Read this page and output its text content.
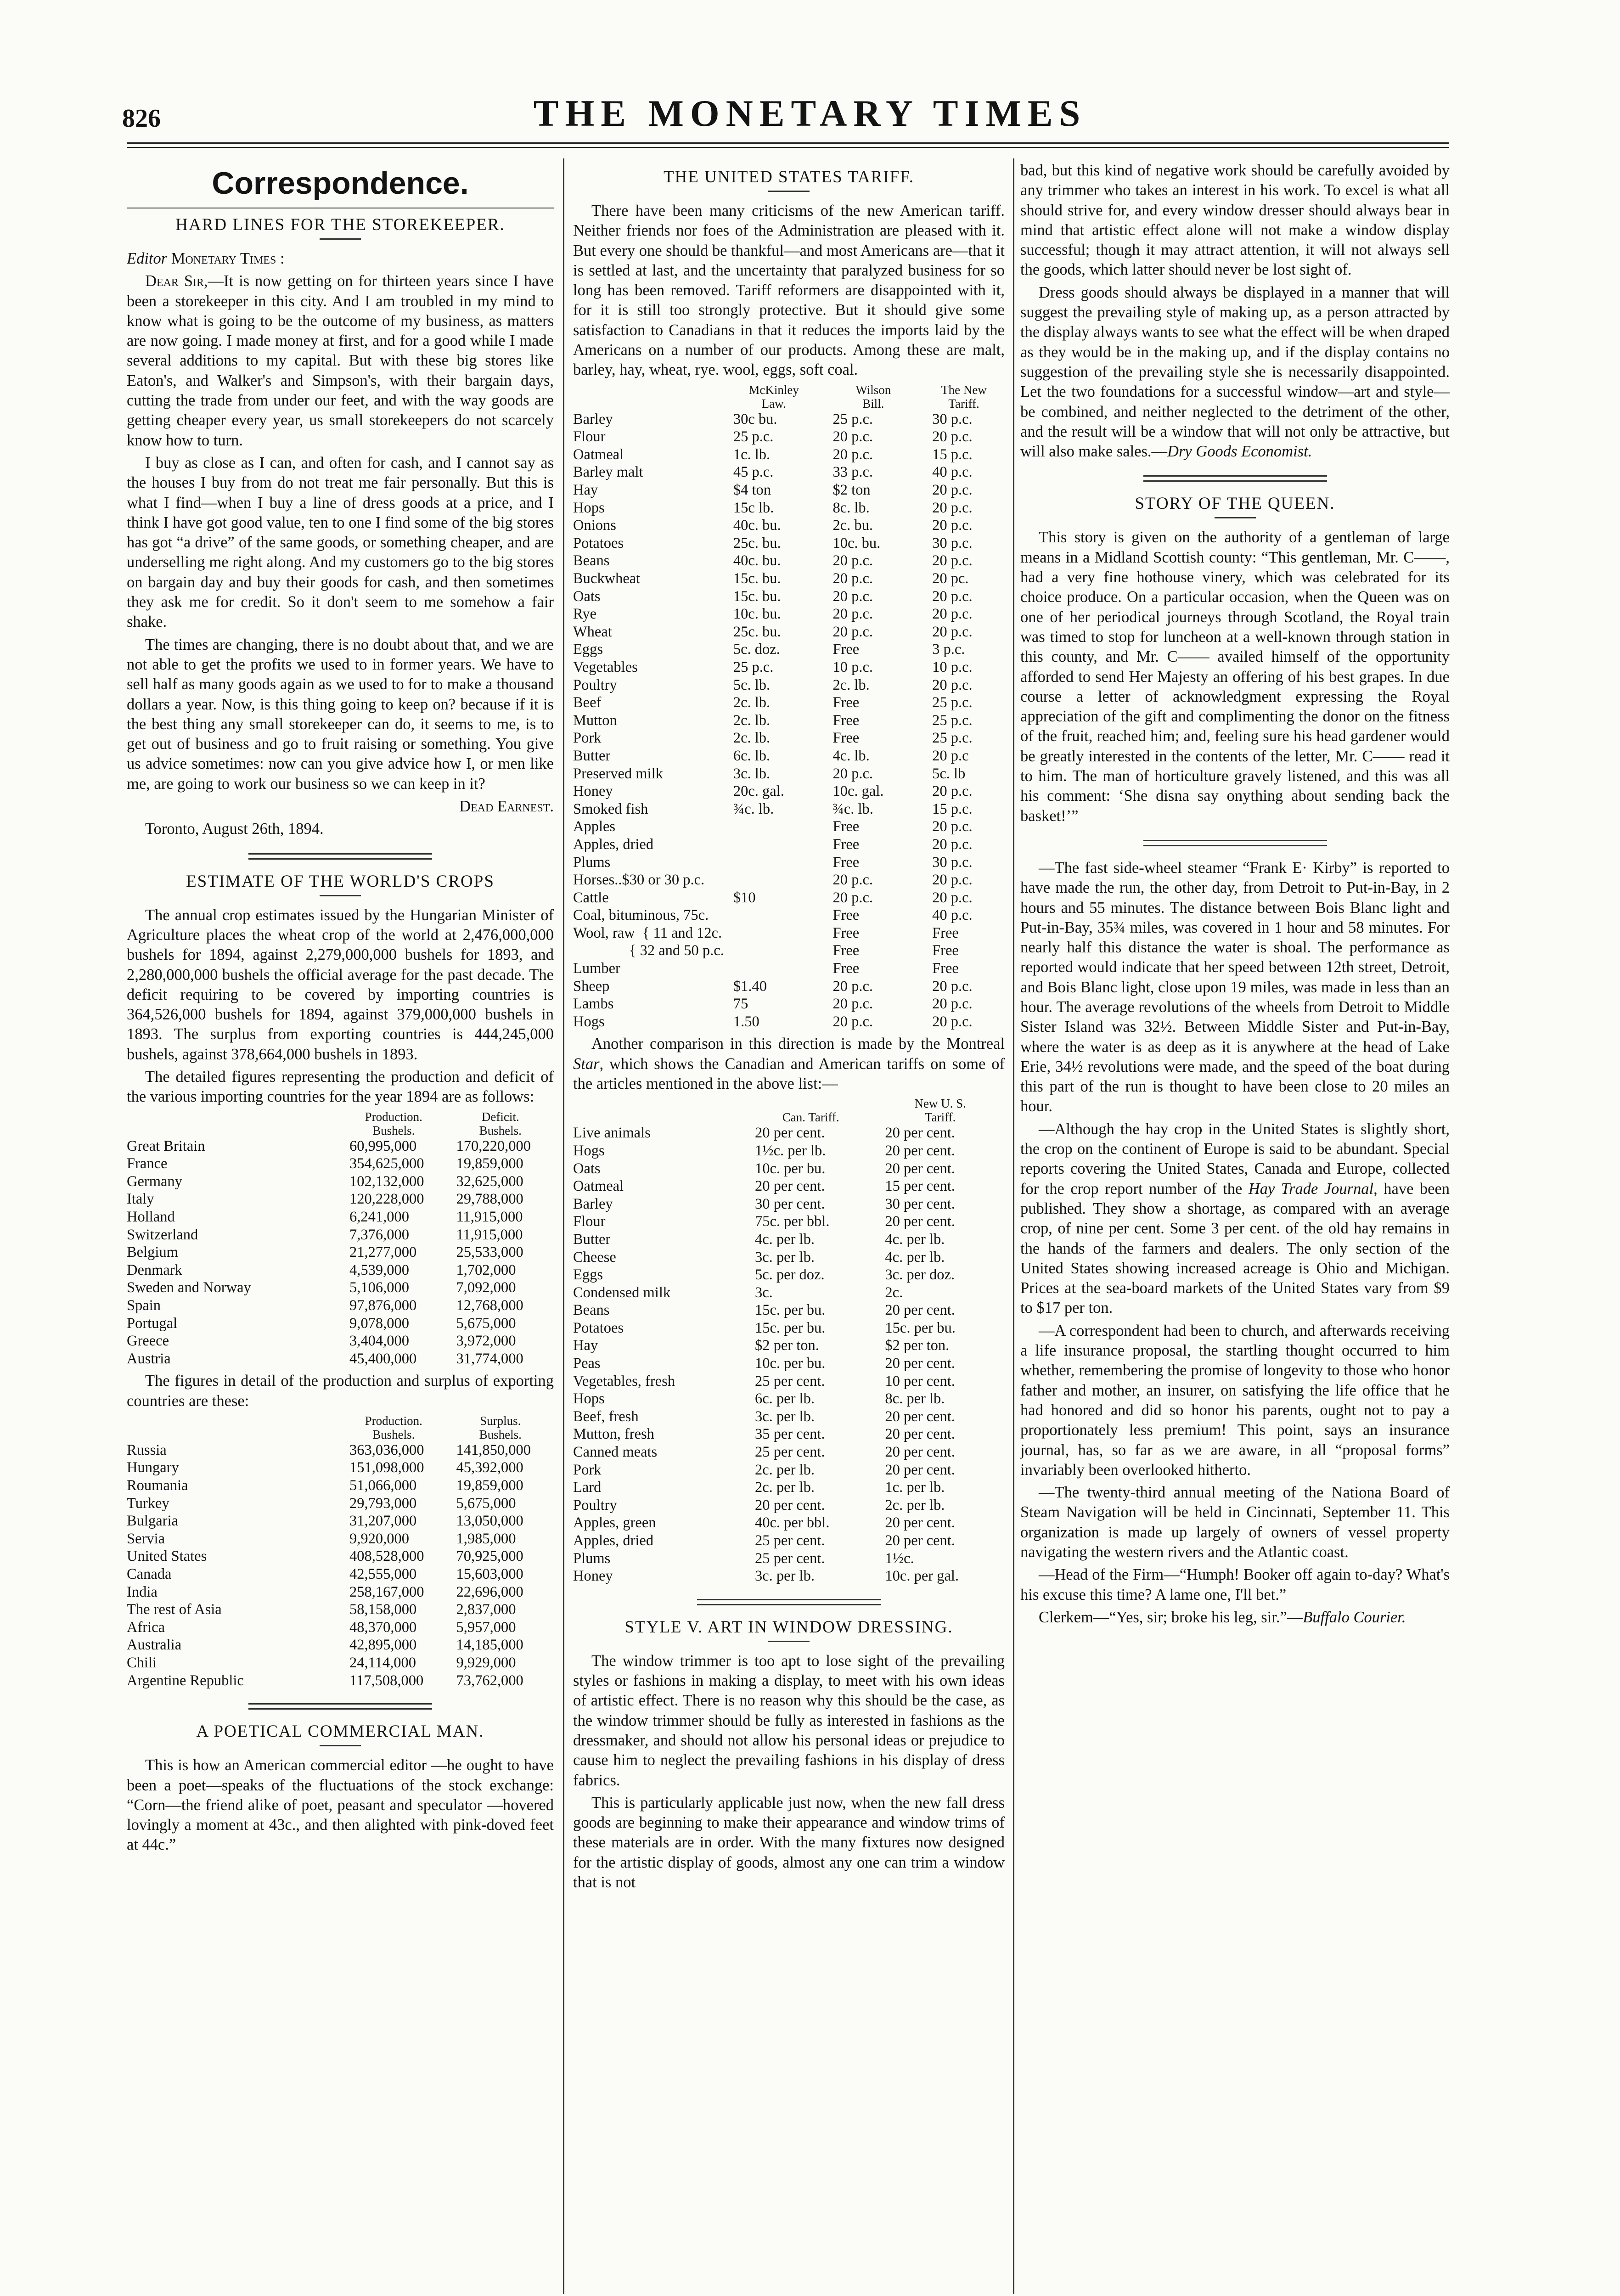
826	THE MONETARY TIMES
Correspondence.
HARD LINES FOR THE STOREKEEPER.

Editor Monetary Times :

Dear Sir,—It is now getting on for thirteen years since I have been a storekeeper in this city. And I am troubled in my mind to know what is going to be the outcome of my business, as matters are now going. I made money at first, and for a good while I made several additions to my capital. But with these big stores like Eaton's, and Walker's and Simpson's, with their bargain days, cutting the trade from under our feet, and with the way goods are getting cheaper every year, us small storekeepers do not scarcely know how to turn.

I buy as close as I can, and often for cash, and I cannot say as the houses I buy from do not treat me fair personally. But this is what I find—when I buy a line of dress goods at a price, and I think I have got good value, ten to one I find some of the big stores has got “a drive” of the same goods, or something cheaper, and are underselling me right along. And my customers go to the big stores on bargain day and buy their goods for cash, and then sometimes they ask me for credit. So it don't seem to me somehow a fair shake.

The times are changing, there is no doubt about that, and we are not able to get the profits we used to in former years. We have to sell half as many goods again as we used to for to make a thousand dollars a year. Now, is this thing going to keep on? because if it is the best thing any small storekeeper can do, it seems to me, is to get out of business and go to fruit raising or something. You give us advice sometimes: now can you give advice how I, or men like me, are going to work our business so we can keep in it?

Dead Earnest.

Toronto, August 26th, 1894.

ESTIMATE OF THE WORLD'S CROPS

The annual crop estimates issued by the Hungarian Minister of Agriculture places the wheat crop of the world at 2,476,000,000 bushels for 1894, against 2,279,000,000 bushels for 1893, and 2,280,000,000 bushels the official average for the past decade. The deficit requiring to be covered by importing countries is 364,526,000 bushels for 1894, against 379,000,000 bushels in 1893. The surplus from exporting countries is 444,245,000 bushels, against 378,664,000 bushels in 1893.

The detailed figures representing the production and deficit of the various importing countries for the year 1894 are as follows:

	Production.
Bushels.	Deficit.
Bushels.
Great Britain	60,995,000	170,220,000
France	354,625,000	19,859,000
Germany	102,132,000	32,625,000
Italy	120,228,000	29,788,000
Holland	6,241,000	11,915,000
Switzerland	7,376,000	11,915,000
Belgium	21,277,000	25,533,000
Denmark	4,539,000	1,702,000
Sweden and Norway	5,106,000	7,092,000
Spain	97,876,000	12,768,000
Portugal	9,078,000	5,675,000
Greece	3,404,000	3,972,000
Austria	45,400,000	31,774,000

The figures in detail of the production and surplus of exporting countries are these:

	Production.
Bushels.	Surplus.
Bushels.
Russia	363,036,000	141,850,000
Hungary	151,098,000	45,392,000
Roumania	51,066,000	19,859,000
Turkey	29,793,000	5,675,000
Bulgaria	31,207,000	13,050,000
Servia	9,920,000	1,985,000
United States	408,528,000	70,925,000
Canada	42,555,000	15,603,000
India	258,167,000	22,696,000
The rest of Asia	58,158,000	2,837,000
Africa	48,370,000	5,957,000
Australia	42,895,000	14,185,000
Chili	24,114,000	9,929,000
Argentine Republic	117,508,000	73,762,000
A POETICAL COMMERCIAL MAN.

This is how an American commercial editor —he ought to have been a poet—speaks of the fluctuations of the stock exchange: “Corn—the friend alike of poet, peasant and speculator —hovered lovingly a moment at 43c., and then alighted with pink-doved feet at 44c.”

THE UNITED STATES TARIFF.

There have been many criticisms of the new American tariff. Neither friends nor foes of the Administration are pleased with it. But every one should be thankful—and most Americans are—that it is settled at last, and the uncertainty that paralyzed business for so long has been removed. Tariff reformers are disappointed with it, for it is still too strongly protective. But it should give some satisfaction to Canadians in that it reduces the imports laid by the Americans on a number of our products. Among these are malt, barley, hay, wheat, rye. wool, eggs, soft coal.

	McKinley
Law.	Wilson
Bill.	The New
Tariff.
Barley	30c bu.	25 p.c.	30 p.c.
Flour	25 p.c.	20 p.c.	20 p.c.
Oatmeal	1c. lb.	20 p.c.	15 p.c.
Barley malt	45 p.c.	33 p.c.	40 p.c.
Hay	$4 ton	$2 ton	20 p.c.
Hops	15c lb.	8c. lb.	20 p.c.
Onions	40c. bu.	2c. bu.	20 p.c.
Potatoes	25c. bu.	10c. bu.	30 p.c.
Beans	40c. bu.	20 p.c.	20 p.c.
Buckwheat	15c. bu.	20 p.c.	20 pc.
Oats	15c. bu.	20 p.c.	20 p.c.
Rye	10c. bu.	20 p.c.	20 p.c.
Wheat	25c. bu.	20 p.c.	20 p.c.
Eggs	5c. doz.	Free	3 p.c.
Vegetables	25 p.c.	10 p.c.	10 p.c.
Poultry	5c. lb.	2c. lb.	20 p.c.
Beef	2c. lb.	Free	25 p.c.
Mutton	2c. lb.	Free	25 p.c.
Pork	2c. lb.	Free	25 p.c.
Butter	6c. lb.	4c. lb.	20 p.c
Preserved milk	3c. lb.	20 p.c.	5c. lb
Honey	20c. gal.	10c. gal.	20 p.c.
Smoked fish	¾c. lb.	¾c. lb.	15 p.c.
Apples		Free	20 p.c.
Apples, dried		Free	20 p.c.
Plums		Free	30 p.c.
Horses..$30 or 30 p.c.		20 p.c.	20 p.c.
Cattle	$10	20 p.c.	20 p.c.
Coal, bituminous, 75c.		Free	40 p.c.
Wool, raw  { 11 and 12c.		Free	Free
{ 32 and 50 p.c.		Free	Free
Lumber		Free	Free
Sheep	$1.40	20 p.c.	20 p.c.
Lambs	75	20 p.c.	20 p.c.
Hogs	1.50	20 p.c.	20 p.c.

Another comparison in this direction is made by the Montreal Star, which shows the Canadian and American tariffs on some of the articles mentioned in the above list:—

	Can. Tariff.	New U. S.
Tariff.
Live animals	20 per cent.	20 per cent.
Hogs	1½c. per lb.	20 per cent.
Oats	10c. per bu.	20 per cent.
Oatmeal	20 per cent.	15 per cent.
Barley	30 per cent.	30 per cent.
Flour	75c. per bbl.	20 per cent.
Butter	4c. per lb.	4c. per lb.
Cheese	3c. per lb.	4c. per lb.
Eggs	5c. per doz.	3c. per doz.
Condensed milk	3c.	2c.
Beans	15c. per bu.	20 per cent.
Potatoes	15c. per bu.	15c. per bu.
Hay	$2 per ton.	$2 per ton.
Peas	10c. per bu.	20 per cent.
Vegetables, fresh	25 per cent.	10 per cent.
Hops	6c. per lb.	8c. per lb.
Beef, fresh	3c. per lb.	20 per cent.
Mutton, fresh	35 per cent.	20 per cent.
Canned meats	25 per cent.	20 per cent.
Pork	2c. per lb.	20 per cent.
Lard	2c. per lb.	1c. per lb.
Poultry	20 per cent.	2c. per lb.
Apples, green	40c. per bbl.	20 per cent.
Apples, dried	25 per cent.	20 per cent.
Plums	25 per cent.	1½c.
Honey	3c. per lb.	10c. per gal.
STYLE V. ART IN WINDOW DRESSING.

The window trimmer is too apt to lose sight of the prevailing styles or fashions in making a display, to meet with his own ideas of artistic effect. There is no reason why this should be the case, as the window trimmer should be fully as interested in fashions as the dressmaker, and should not allow his personal ideas or prejudice to cause him to neglect the prevailing fashions in his display of dress fabrics.

This is particularly applicable just now, when the new fall dress goods are beginning to make their appearance and window trims of these materials are in order. With the many fixtures now designed for the artistic display of goods, almost any one can trim a window that is not

bad, but this kind of negative work should be carefully avoided by any trimmer who takes an interest in his work. To excel is what all should strive for, and every window dresser should always bear in mind that artistic effect alone will not make a window display successful; though it may attract attention, it will not always sell the goods, which latter should never be lost sight of.

Dress goods should always be displayed in a manner that will suggest the prevailing style of making up, as a person attracted by the display always wants to see what the effect will be when draped as they would be in the making up, and if the display contains no suggestion of the prevailing style she is necessarily disappointed. Let the two foundations for a successful window—art and style—be combined, and neither neglected to the detriment of the other, and the result will be a window that will not only be attractive, but will also make sales.—Dry Goods Economist.

STORY OF THE QUEEN.

This story is given on the authority of a gentleman of large means in a Midland Scottish county: “This gentleman, Mr. C——, had a very fine hothouse vinery, which was celebrated for its choice produce. On a particular occasion, when the Queen was on one of her periodical journeys through Scotland, the Royal train was timed to stop for luncheon at a well-known through station in this county, and Mr. C—— availed himself of the opportunity afforded to send Her Majesty an offering of his best grapes. In due course a letter of acknowledgment expressing the Royal appreciation of the gift and complimenting the donor on the fitness of the fruit, reached him; and, feeling sure his head gardener would be greatly interested in the contents of the letter, Mr. C—— read it to him. The man of horticulture gravely listened, and this was all his comment: ‘She disna say onything about sending back the basket!’”

—The fast side-wheel steamer “Frank E· Kirby” is reported to have made the run, the other day, from Detroit to Put-in-Bay, in 2 hours and 55 minutes. The distance between Bois Blanc light and Put-in-Bay, 35¾ miles, was covered in 1 hour and 58 minutes. For nearly half this distance the water is shoal. The performance as reported would indicate that her speed between 12th street, Detroit, and Bois Blanc light, close upon 19 miles, was made in less than an hour. The average revolutions of the wheels from Detroit to Middle Sister Island was 32½. Between Middle Sister and Put-in-Bay, where the water is as deep as it is anywhere at the head of Lake Erie, 34½ revolutions were made, and the speed of the boat during this part of the run is thought to have been close to 20 miles an hour.

—Although the hay crop in the United States is slightly short, the crop on the continent of Europe is said to be abundant. Special reports covering the United States, Canada and Europe, collected for the crop report number of the Hay Trade Journal, have been published. They show a shortage, as compared with an average crop, of nine per cent. Some 3 per cent. of the old hay remains in the hands of the farmers and dealers. The only section of the United States showing increased acreage is Ohio and Michigan. Prices at the sea-board markets of the United States vary from $9 to $17 per ton.

—A correspondent had been to church, and afterwards receiving a life insurance proposal, the startling thought occurred to him whether, remembering the promise of longevity to those who honor father and mother, an insurer, on satisfying the life office that he had honored and did so honor his parents, ought not to pay a proportionately less premium! This point, says an insurance journal, has, so far as we are aware, in all “proposal forms” invariably been overlooked hitherto.

—The twenty-third annual meeting of the Nationa Board of Steam Navigation will be held in Cincinnati, September 11. This organization is made up largely of owners of vessel property navigating the western rivers and the Atlantic coast.

—Head of the Firm—“Humph! Booker off again to-day? What's his excuse this time? A lame one, I'll bet.”

Clerkem—“Yes, sir; broke his leg, sir.”—Buffalo Courier.
